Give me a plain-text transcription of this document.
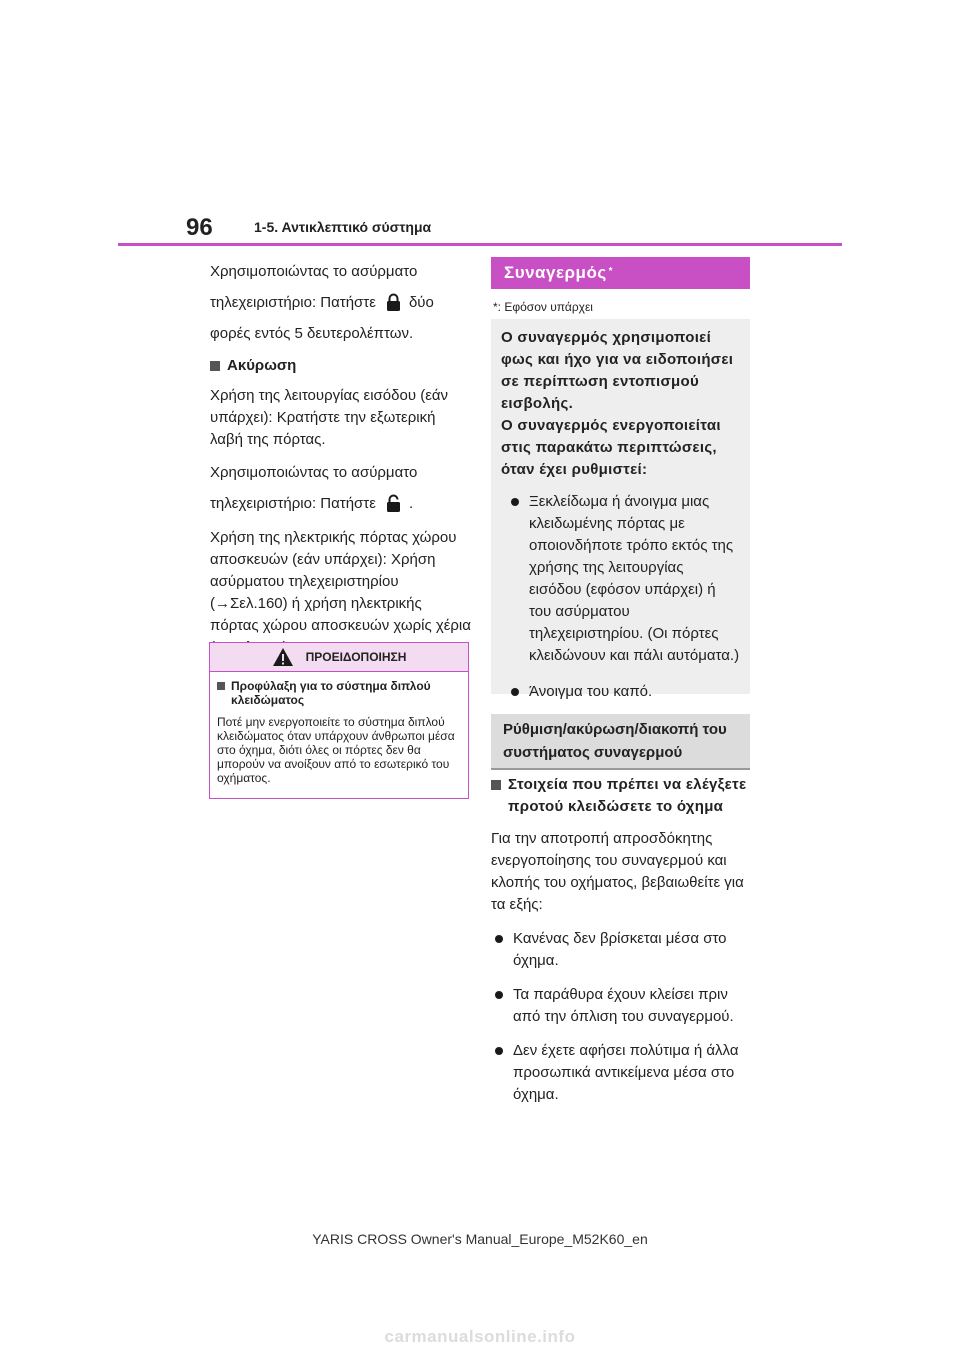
96	1-5. Αντικλεπτικό σύστημα

Χρησιμοποιώντας το ασύρματο

τηλεχειριστήριο: Πατήστε δύο

φορές εντός 5 δευτερολέπτων.

Ακύρωση

Χρήση της λειτουργίας εισόδου (εάν υπάρχει): Κρατήστε την εξωτερική λαβή της πόρτας.

Χρησιμοποιώντας το ασύρματο

τηλεχειριστήριο: Πατήστε .

Χρήση της ηλεκτρικής πόρτας χώρου αποσκευών (εάν υπάρχει): Χρήση ασύρματου τηλεχειριστηρίου (→Σελ.160) ή χρήση ηλεκτρικής πόρτας χώρου αποσκευών χωρίς χέρια

ΠΡΟΕΙΔΟΠΟΙΗΣΗ
Προφύλαξη για το σύστημα διπλού κλειδώματος
Ποτέ μην ενεργοποιείτε το σύστημα διπλού κλειδώματος όταν υπάρχουν άνθρωποι μέσα στο όχημα, διότι όλες οι πόρτες δεν θα μπορούν να ανοίξουν από το εσωτερικό του οχήματος.
Συναγερμός*
*: Εφόσον υπάρχει
Ο συναγερμός χρησιμοποιεί φως και ήχο για να ειδοποιήσει σε περίπτωση εντοπισμού εισβολής.
Ο συναγερμός ενεργοποιείται στις παρακάτω περιπτώσεις, όταν έχει ρυθμιστεί:
Ξεκλείδωμα ή άνοιγμα μιας κλειδωμένης πόρτας με οποιονδήποτε τρόπο εκτός της χρήσης της λειτουργίας εισόδου (εφόσον υπάρχει) ή του ασύρματου τηλεχειριστηρίου. (Οι πόρτες κλειδώνουν και πάλι αυτόματα.)
Άνοιγμα του καπό.
Ρύθμιση/ακύρωση/διακοπή του συστήματος συναγερμού
Στοιχεία που πρέπει να ελέγξετε προτού κλειδώσετε το όχημα

Για την αποτροπή απροσδόκητης ενεργοποίησης του συναγερμού και κλοπής του οχήματος, βεβαιωθείτε για τα εξής:

Κανένας δεν βρίσκεται μέσα στο όχημα.
Τα παράθυρα έχουν κλείσει πριν από την όπλιση του συναγερμού.
Δεν έχετε αφήσει πολύτιμα ή άλλα προσωπικά αντικείμενα μέσα στο όχημα.
YARIS CROSS Owner's Manual_Europe_M52K60_en
carmanualsonline.info
